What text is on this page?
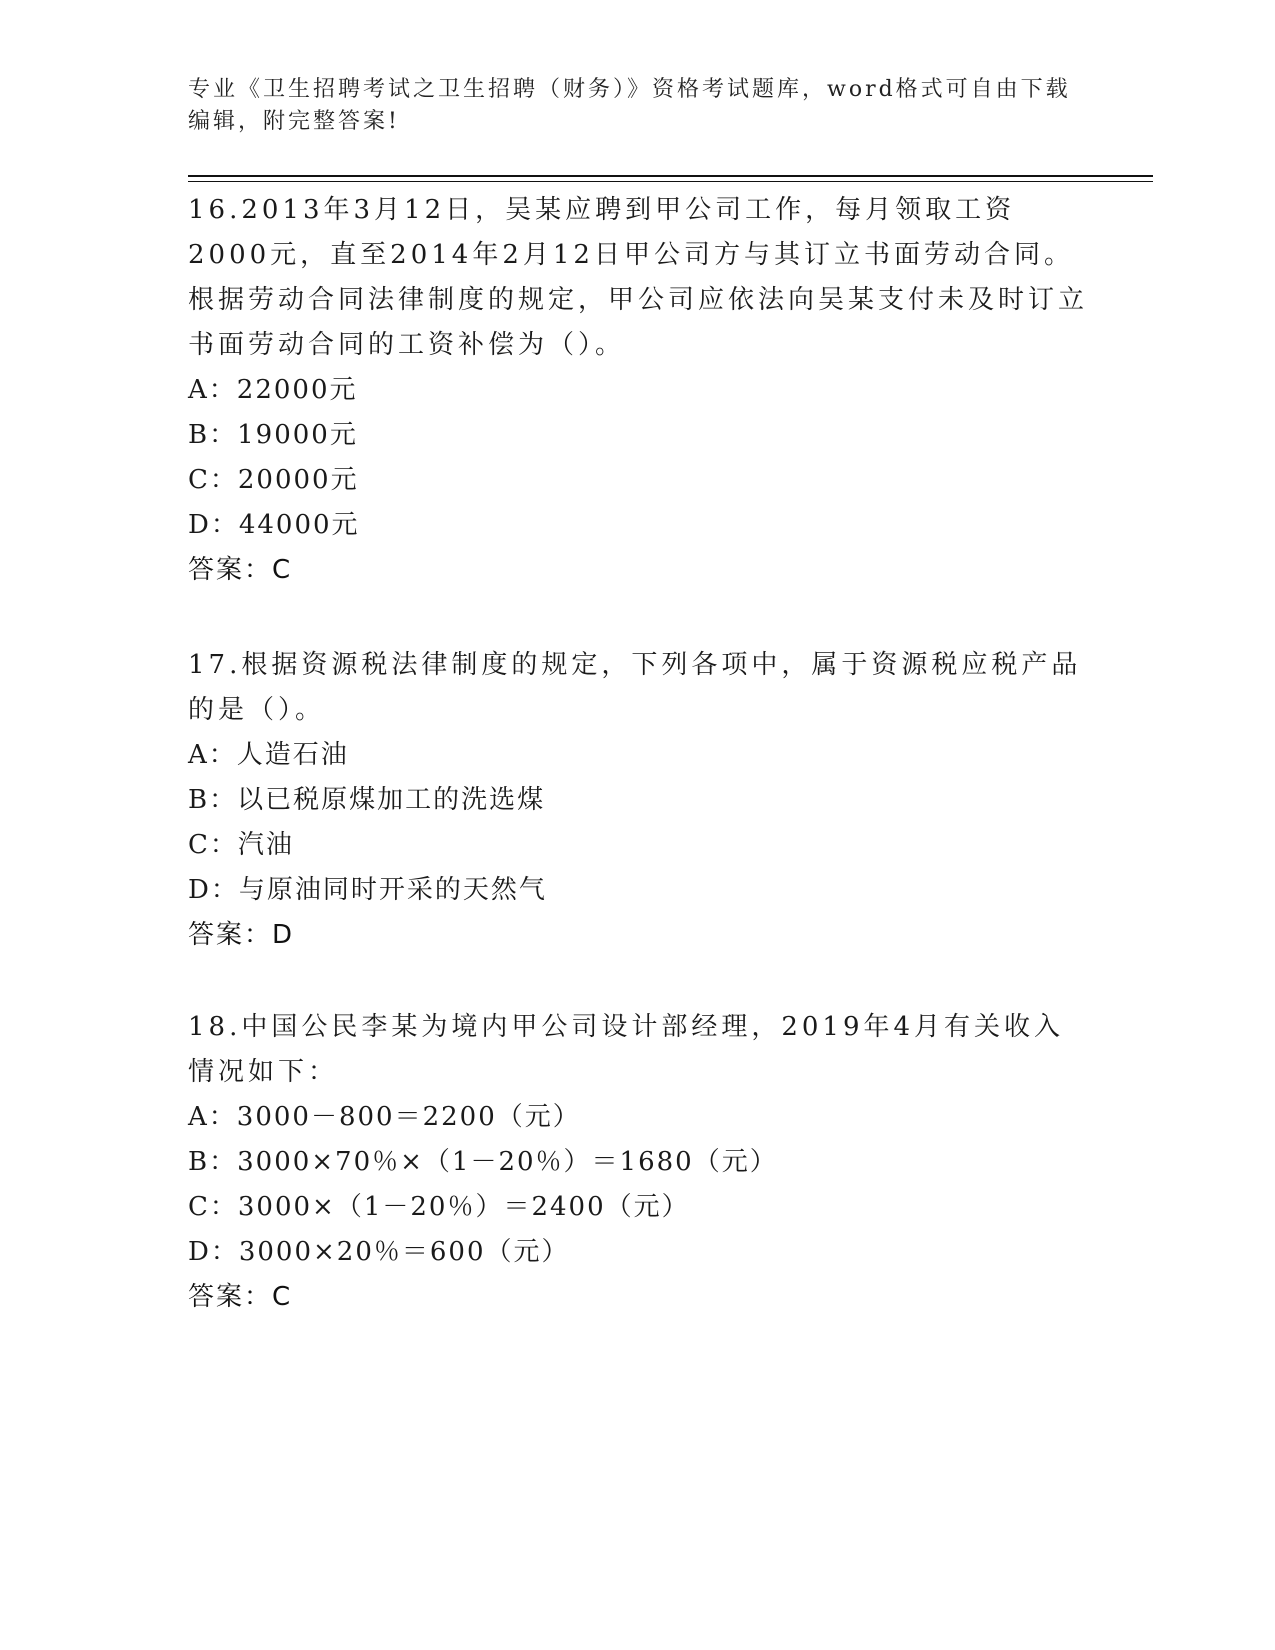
专业《卫生招聘考试之卫生招聘（财务）》资格考试题库，word格式可自由下载编辑，附完整答案!

16.2013年3月12日，吴某应聘到甲公司工作，每月领取工资2000元，直至2014年2月12日甲公司方与其订立书面劳动合同。根据劳动合同法律制度的规定，甲公司应依法向吴某支付未及时订立书面劳动合同的工资补偿为（）。

A：22000元

B：19000元

C：20000元

D：44000元

答案：C

17.根据资源税法律制度的规定，下列各项中，属于资源税应税产品的是（）。

A：人造石油

B：以已税原煤加工的洗选煤

C：汽油

D：与原油同时开采的天然气

答案：D

18.中国公民李某为境内甲公司设计部经理，2019年4月有关收入情况如下：

A：3000－800＝2200（元）

B：3000×70％×（1－20％）＝1680（元）

C：3000×（1－20％）＝2400（元）

D：3000×20％＝600（元）

答案：C
